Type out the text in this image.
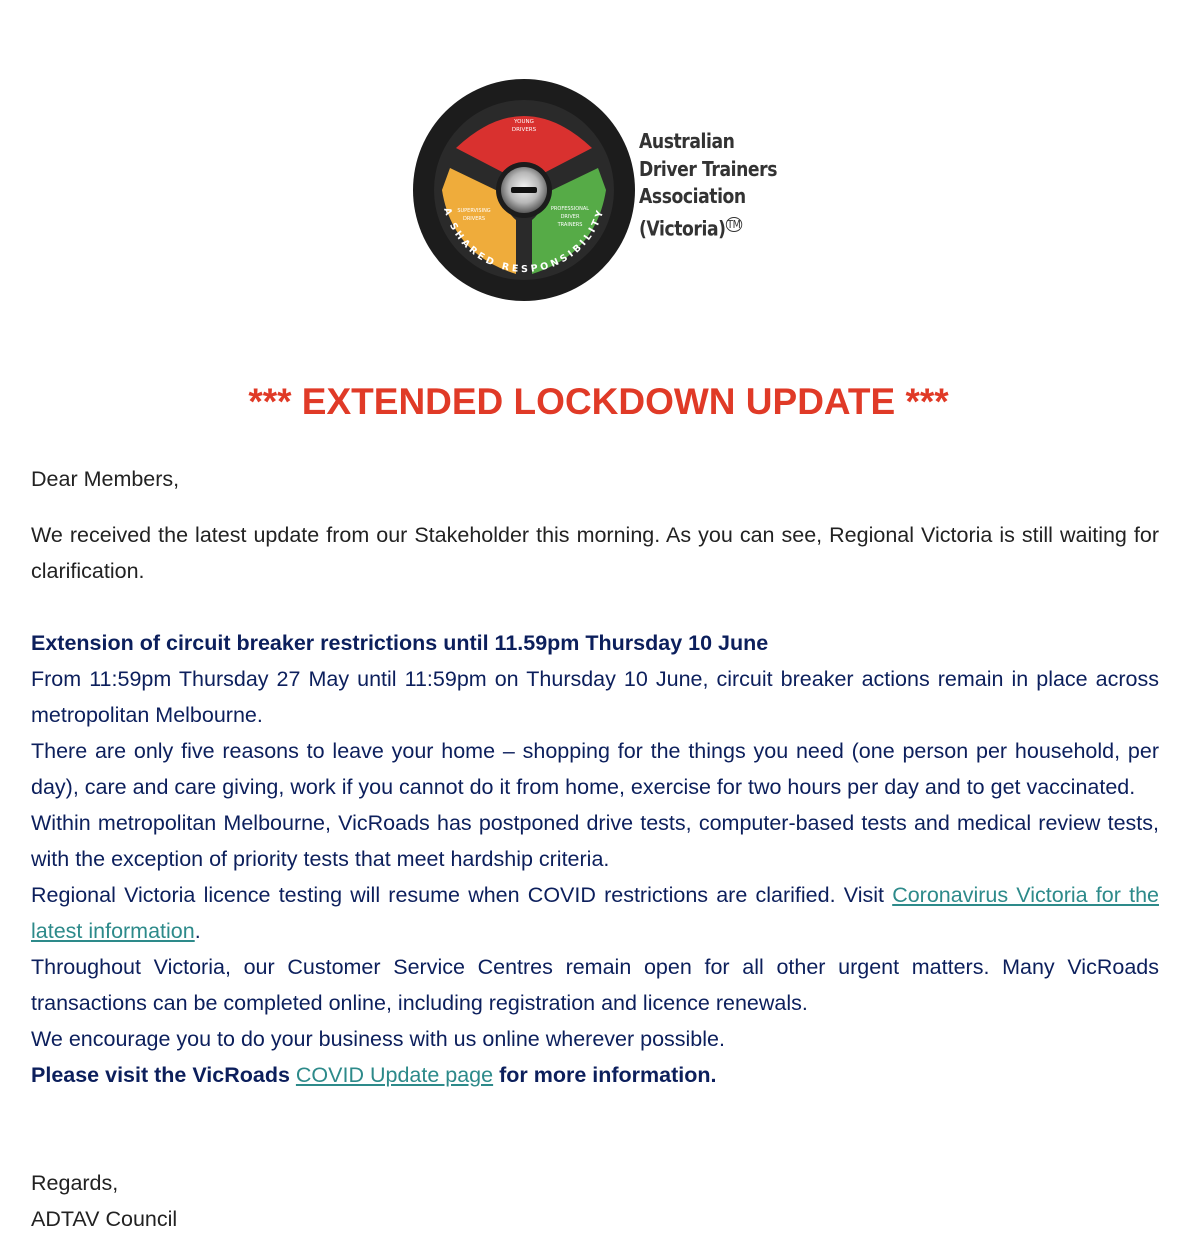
YOUNG
DRIVERS
SUPERVISING
DRIVERS
PROFESSIONAL
DRIVER
TRAINERS
A SHARED RESPONSIBILITY
Australian
Driver Trainers
Association
(Victoria) ™
*** EXTENDED LOCKDOWN UPDATE ***
Dear Members,
We received the latest update from our Stakeholder this morning. As you can see, Regional Victoria is still waiting for clarification.
Extension of circuit breaker restrictions until 11.59pm Thursday 10 June
From 11:59pm Thursday 27 May until 11:59pm on Thursday 10 June, circuit breaker actions remain in place across metropolitan Melbourne.
There are only five reasons to leave your home – shopping for the things you need (one person per household, per day), care and care giving, work if you cannot do it from home, exercise for two hours per day and to get vaccinated.
Within metropolitan Melbourne, VicRoads has postponed drive tests, computer-based tests and medical review tests, with the exception of priority tests that meet hardship criteria.
Regional Victoria licence testing will resume when COVID restrictions are clarified. Visit Coronavirus Victoria for the latest information.
Throughout Victoria, our Customer Service Centres remain open for all other urgent matters. Many VicRoads transactions can be completed online, including registration and licence renewals.
We encourage you to do your business with us online wherever possible.
Please visit the VicRoads COVID Update page for more information.
Regards,
ADTAV Council
